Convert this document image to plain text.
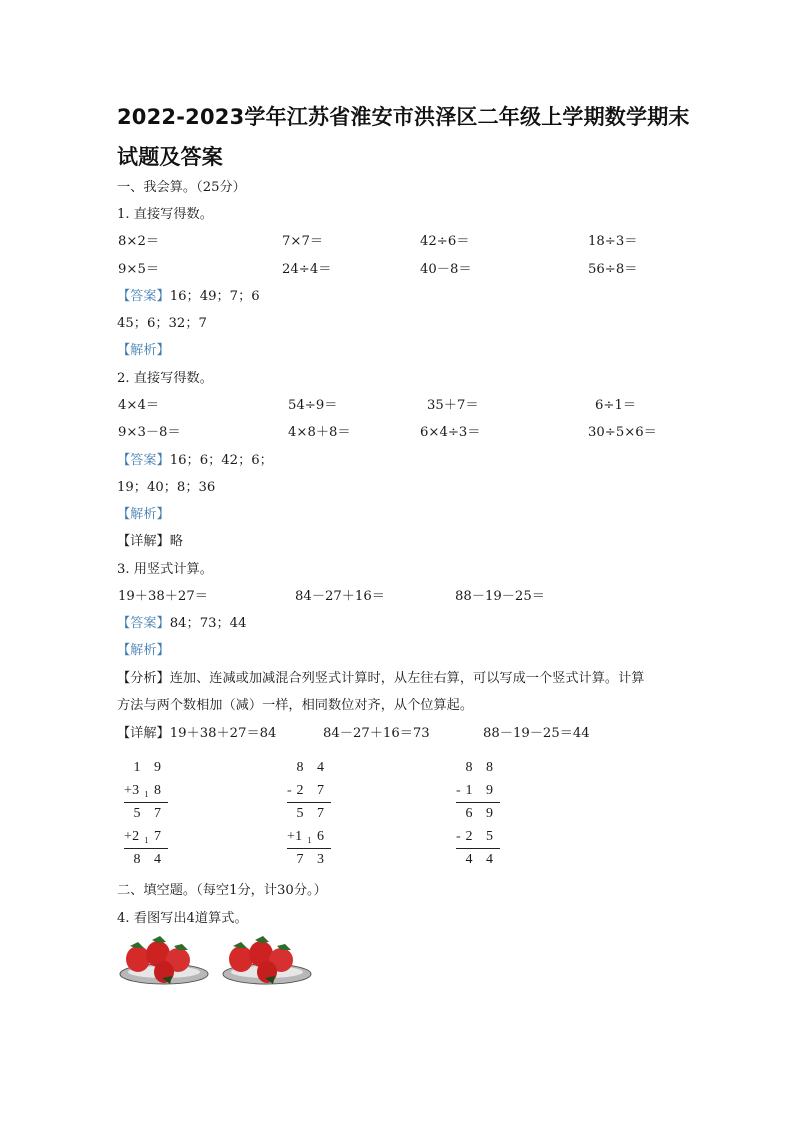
2022-2023学年江苏省淮安市洪泽区二年级上学期数学期末
试题及答案
一、我会算。（25分）
1. 直接写得数。
8×2＝	7×7＝	42÷6＝	18÷3＝
9×5＝	24÷4＝	40－8＝	56÷8＝
【答案】16；49；7；6
45；6；32；7
【解析】
2. 直接写得数。
4×4＝	54÷9＝	35＋7＝	6÷1＝
9×3－8＝	4×8＋8＝	6×4÷3＝	30÷5×6＝
【答案】16；6；42；6；
19；40；8；36
【解析】
【详解】略
3. 用竖式计算。
19＋38＋27＝	84－27＋16＝	88－19－25＝
【答案】84；73；44
【解析】
【分析】连加、连减或加减混合列竖式计算时，从左往右算，可以写成一个竖式计算。计算
方法与两个数相加（减）一样，相同数位对齐，从个位算起。
【详解】19＋38＋27＝84	84－27＋16＝73	88－19－25＝44
1 9
+ 3₁8
5 7
+ 2₁7
8 4
8 4
- 2 7
5 7
+ 1₁6
7 3
8 8
- 1 9
6 9
- 2 5
4 4
二、填空题。（每空1分，计30分。）
4. 看图写出4道算式。
